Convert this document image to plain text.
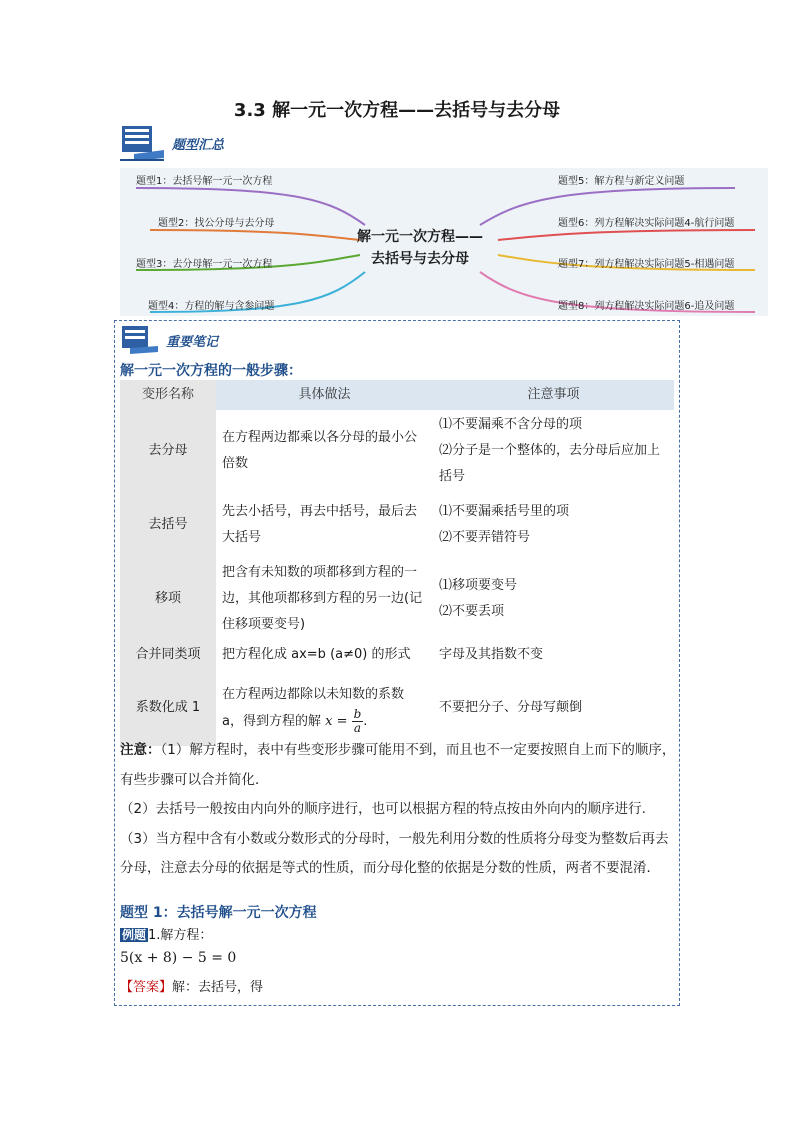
3.3 解一元一次方程——去括号与去分母
题型汇总
解一元一次方程——
去括号与去分母
题型1：去括号解一元一次方程
题型2：找公分母与去分母
题型3：去分母解一元一次方程
题型4：方程的解与含参问题
题型5：解方程与新定义问题
题型6：列方程解决实际问题4-航行问题
题型7：列方程解决实际问题5-相遇问题
题型8：列方程解决实际问题6-追及问题
重要笔记
解一元一次方程的一般步骤：
变形名称	具体做法	注意事项
去分母	在方程两边都乘以各分母的最小公倍数	⑴不要漏乘不含分母的项
⑵分子是一个整体的，去分母后应加上括号

去括号	先去小括号，再去中括号，最后去大括号	⑴不要漏乘括号里的项
⑵不要弄错符号

移项	把含有未知数的项都移到方程的一边，其他项都移到方程的另一边(记住移项要变号)	⑴移项要变号
⑵不要丢项

合并同类项	把方程化成 ax=b (a≠0) 的形式	字母及其指数不变

系数化成 1	在方程两边都除以未知数的系数 a，得到方程的解 $x = \frac{b}{a}$ .	不要把分子、分母写颠倒
注意：（1）解方程时，表中有些变形步骤可能用不到，而且也不一定要按照自上而下的顺序，有些步骤可以合并简化．
（2）去括号一般按由内向外的顺序进行，也可以根据方程的特点按由外向内的顺序进行.
（3）当方程中含有小数或分数形式的分母时，一般先利用分数的性质将分母变为整数后再去分母，注意去分母的依据是等式的性质，而分母化整的依据是分数的性质，两者不要混淆．
题型 1：去括号解一元一次方程
例题 1.解方程：
5(x + 8) − 5 = 0
【答案】解：去括号，得
